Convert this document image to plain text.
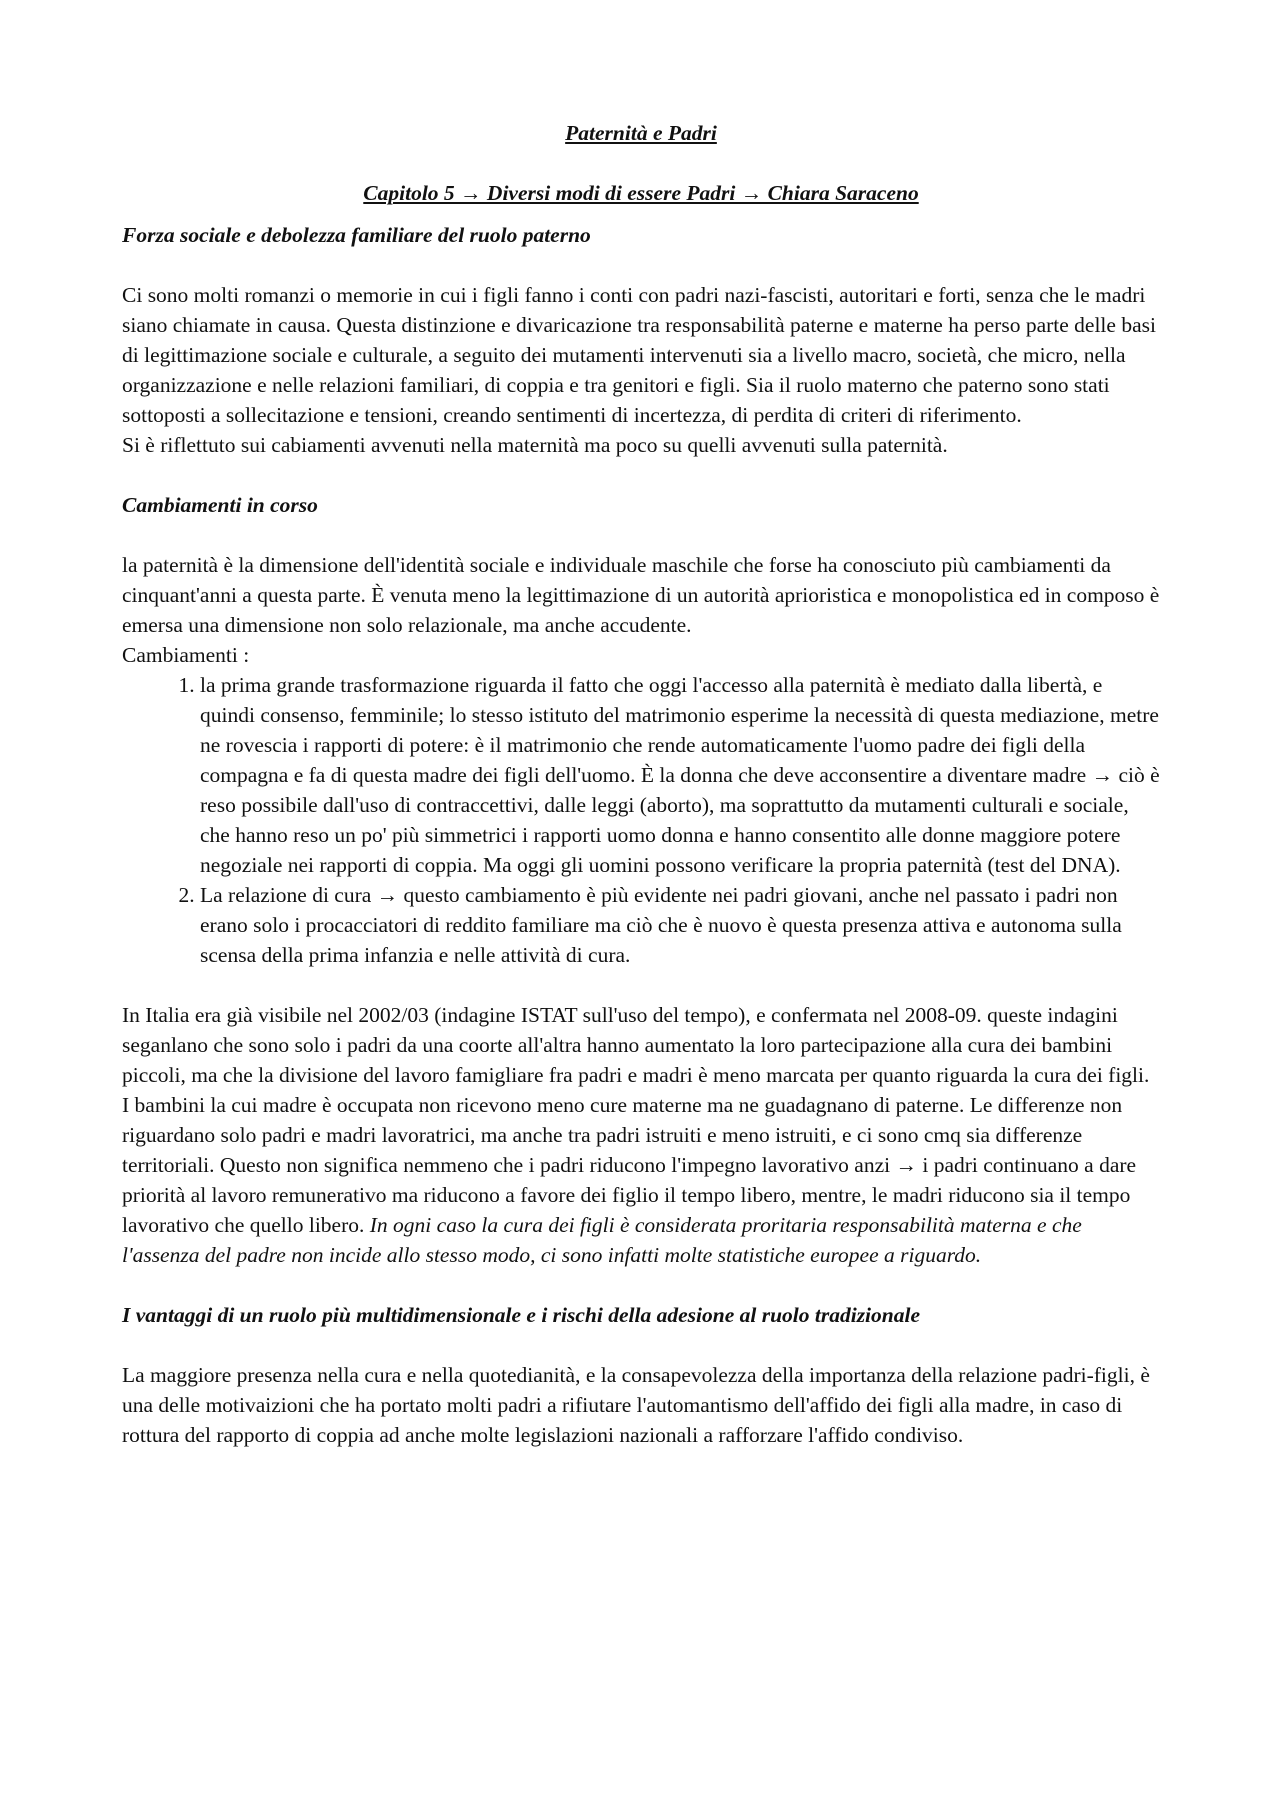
Paternità e Padri

Capitolo 5 → Diversi modi di essere Padri → Chiara Saraceno

Forza sociale e debolezza familiare del ruolo paterno

Ci sono molti romanzi o memorie in cui i figli fanno i conti con padri nazi-fascisti, autoritari e forti, senza che le madri siano chiamate in causa. Questa distinzione e divaricazione tra responsabilità paterne e materne ha perso parte delle basi di legittimazione sociale e culturale, a seguito dei mutamenti intervenuti sia a livello macro, società, che micro, nella organizzazione e nelle relazioni familiari, di coppia e tra genitori e figli. Sia il ruolo materno che paterno sono stati sottoposti a sollecitazione e tensioni, creando sentimenti di incertezza, di perdita di criteri di riferimento.

Si è riflettuto sui cabiamenti avvenuti nella maternità ma poco su quelli avvenuti sulla paternità.

Cambiamenti in corso

la paternità è la dimensione dell'identità sociale e individuale maschile che forse ha conosciuto più cambiamenti da cinquant'anni a questa parte. È venuta meno la legittimazione di un autorità aprioristica e monopolistica ed in composo è emersa una dimensione non solo relazionale, ma anche accudente.

Cambiamenti :

1. la prima grande trasformazione riguarda il fatto che oggi l'accesso alla paternità è mediato dalla libertà, e quindi consenso, femminile; lo stesso istituto del matrimonio esperime la necessità di questa mediazione, metre ne rovescia i rapporti di potere: è il matrimonio che rende automaticamente l'uomo padre dei figli della compagna e fa di questa madre dei figli dell'uomo. È la donna che deve acconsentire a diventare madre → ciò è reso possibile dall'uso di contraccettivi, dalle leggi (aborto), ma soprattutto da mutamenti culturali e sociale, che hanno reso un po' più simmetrici i rapporti uomo donna e hanno consentito alle donne maggiore potere negoziale nei rapporti di coppia. Ma oggi gli uomini possono verificare la propria paternità (test del DNA).
2. La relazione di cura → questo cambiamento è più evidente nei padri giovani, anche nel passato i padri non erano solo i procacciatori di reddito familiare ma ciò che è nuovo è questa presenza attiva e autonoma sulla scensa della prima infanzia e nelle attività di cura.

In Italia era già visibile nel 2002/03 (indagine ISTAT sull'uso del tempo), e confermata nel 2008-09. queste indagini seganlano che sono solo i padri da una coorte all'altra hanno aumentato la loro partecipazione alla cura dei bambini piccoli, ma che la divisione del lavoro famigliare fra padri e madri è meno marcata per quanto riguarda la cura dei figli. I bambini la cui madre è occupata non ricevono meno cure materne ma ne guadagnano di paterne. Le differenze non riguardano solo padri e madri lavoratrici, ma anche tra padri istruiti e meno istruiti, e ci sono cmq sia differenze territoriali. Questo non significa nemmeno che i padri riducono l'impegno lavorativo anzi → i padri continuano a dare priorità al lavoro remunerativo ma riducono a favore dei figlio il tempo libero, mentre, le madri riducono sia il tempo lavorativo che quello libero. In ogni caso la cura dei figli è considerata proritaria responsabilità materna e che l'assenza del padre non incide allo stesso modo, ci sono infatti molte statistiche europee a riguardo.

I vantaggi di un ruolo più multidimensionale e i rischi della adesione al ruolo tradizionale

La maggiore presenza nella cura e nella quotedianità, e la consapevolezza della importanza della relazione padri-figli, è una delle motivaizioni che ha portato molti padri a rifiutare l'automantismo dell'affido dei figli alla madre, in caso di rottura del rapporto di coppia ad anche molte legislazioni nazionali a rafforzare l'affido condiviso.
